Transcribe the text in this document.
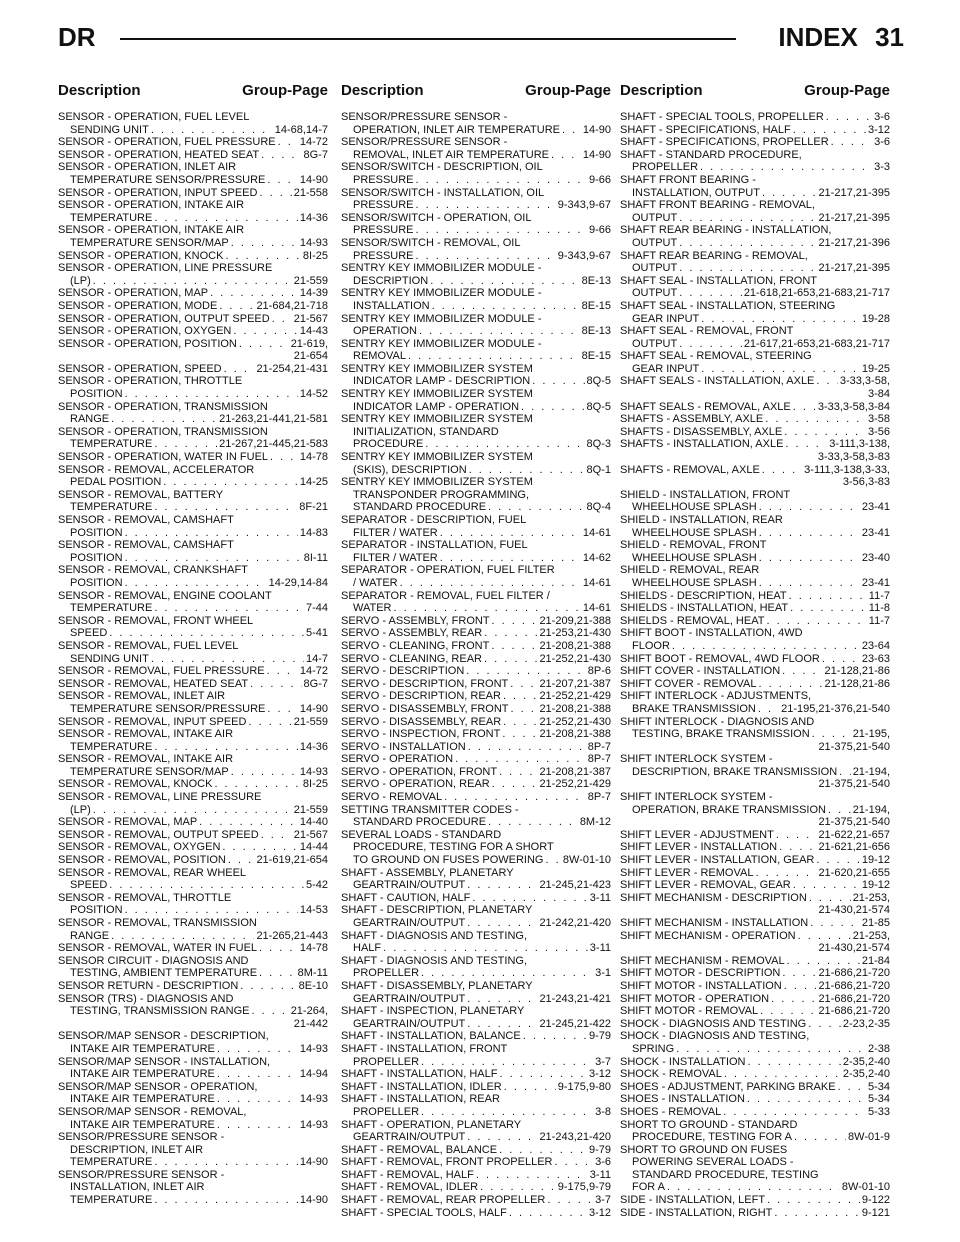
DR	INDEX 31
Description	Group-Page
SENSOR - OPERATION, FUEL LEVEL
SENDING UNIT . . .	14-68,14-7
SENSOR - OPERATION, FUEL PRESSURE . . . 14-72
SENSOR - OPERATION, HEATED SEAT . . .	8G-7
SENSOR - OPERATION, INLET AIR
TEMPERATURE SENSOR/PRESSURE . . .	14-90
SENSOR - OPERATION, INPUT SPEED . . .	21-558
SENSOR - OPERATION, INTAKE AIR
TEMPERATURE . . .	14-36
SENSOR - OPERATION, INTAKE AIR
TEMPERATURE SENSOR/MAP . . .	14-93
SENSOR - OPERATION, KNOCK . . .	8I-25
SENSOR - OPERATION, LINE PRESSURE
(LP) . . .	21-559
SENSOR - OPERATION, MAP . . .	14-39
SENSOR - OPERATION, MODE . . .	21-684,21-718
SENSOR - OPERATION, OUTPUT SPEED . . . 21-567
SENSOR - OPERATION, OXYGEN . . .	14-43
SENSOR - OPERATION, POSITION . . .	21-619,
21-654
SENSOR - OPERATION, SPEED . . .	21-254,21-431
SENSOR - OPERATION, THROTTLE
POSITION . . .	14-52
SENSOR - OPERATION, TRANSMISSION
RANGE . . .	21-263,21-441,21-581
SENSOR - OPERATION, TRANSMISSION
TEMPERATURE . . .	21-267,21-445,21-583
SENSOR - OPERATION, WATER IN FUEL . . .	14-78
SENSOR - REMOVAL, ACCELERATOR
PEDAL POSITION . . .	14-25
SENSOR - REMOVAL, BATTERY
TEMPERATURE . . .	8F-21
SENSOR - REMOVAL, CAMSHAFT
POSITION . . .	14-83
SENSOR - REMOVAL, CAMSHAFT
POSITION . . .	8I-11
SENSOR - REMOVAL, CRANKSHAFT
POSITION . . .	14-29,14-84
SENSOR - REMOVAL, ENGINE COOLANT
TEMPERATURE . . .	7-44
SENSOR - REMOVAL, FRONT WHEEL
SPEED . . .	5-41
SENSOR - REMOVAL, FUEL LEVEL
SENDING UNIT . . .	14-7
SENSOR - REMOVAL, FUEL PRESSURE . . .	14-72
SENSOR - REMOVAL, HEATED SEAT . . .	8G-7
SENSOR - REMOVAL, INLET AIR
TEMPERATURE SENSOR/PRESSURE . . .	14-90
SENSOR - REMOVAL, INPUT SPEED . . .	21-559
SENSOR - REMOVAL, INTAKE AIR
TEMPERATURE . . .	14-36
SENSOR - REMOVAL, INTAKE AIR
TEMPERATURE SENSOR/MAP . . .	14-93
SENSOR - REMOVAL, KNOCK . . .	8I-25
SENSOR - REMOVAL, LINE PRESSURE
(LP) . . .	21-559
SENSOR - REMOVAL, MAP . . .	14-40
SENSOR - REMOVAL, OUTPUT SPEED . . .	21-567
SENSOR - REMOVAL, OXYGEN . . .	14-44
SENSOR - REMOVAL, POSITION . . .	21-619,21-654
SENSOR - REMOVAL, REAR WHEEL
SPEED . . .	5-42
SENSOR - REMOVAL, THROTTLE
POSITION . . .	14-53
SENSOR - REMOVAL, TRANSMISSION
RANGE . . .	21-265,21-443
SENSOR - REMOVAL, WATER IN FUEL . . .	14-78
SENSOR CIRCUIT - DIAGNOSIS AND
TESTING, AMBIENT TEMPERATURE . . .	8M-11
SENSOR RETURN - DESCRIPTION . . .	8E-10
SENSOR (TRS) - DIAGNOSIS AND
TESTING, TRANSMISSION RANGE . . .	21-264,
21-442
SENSOR/MAP SENSOR - DESCRIPTION,
INTAKE AIR TEMPERATURE . . .	14-93
SENSOR/MAP SENSOR - INSTALLATION,
INTAKE AIR TEMPERATURE . . .	14-94
SENSOR/MAP SENSOR - OPERATION,
INTAKE AIR TEMPERATURE . . .	14-93
SENSOR/MAP SENSOR - REMOVAL,
INTAKE AIR TEMPERATURE . . .	14-93
SENSOR/PRESSURE SENSOR -
DESCRIPTION, INLET AIR
TEMPERATURE . . .	14-90
SENSOR/PRESSURE SENSOR -
INSTALLATION, INLET AIR
TEMPERATURE . . .	14-90
Description	Group-Page
SENSOR/PRESSURE SENSOR -
OPERATION, INLET AIR TEMPERATURE . . . 14-90
SENSOR/PRESSURE SENSOR -
REMOVAL, INLET AIR TEMPERATURE . . .	14-90
SENSOR/SWITCH - DESCRIPTION, OIL
PRESSURE . . .	9-66
SENSOR/SWITCH - INSTALLATION, OIL
PRESSURE . . .	9-343,9-67
SENSOR/SWITCH - OPERATION, OIL
PRESSURE . . .	9-66
SENSOR/SWITCH - REMOVAL, OIL
PRESSURE . . .	9-343,9-67
SENTRY KEY IMMOBILIZER MODULE -
DESCRIPTION . . .	8E-13
SENTRY KEY IMMOBILIZER MODULE -
INSTALLATION . . .	8E-15
SENTRY KEY IMMOBILIZER MODULE -
OPERATION . . .	8E-13
SENTRY KEY IMMOBILIZER MODULE -
REMOVAL . . .	8E-15
SENTRY KEY IMMOBILIZER SYSTEM
INDICATOR LAMP - DESCRIPTION . . .	8Q-5
SENTRY KEY IMMOBILIZER SYSTEM
INDICATOR LAMP - OPERATION . . .	8Q-5
SENTRY KEY IMMOBILIZER SYSTEM
INITIALIZATION, STANDARD
PROCEDURE . . .	8Q-3
SENTRY KEY IMMOBILIZER SYSTEM
(SKIS), DESCRIPTION . . .	8Q-1
SENTRY KEY IMMOBILIZER SYSTEM
TRANSPONDER PROGRAMMING,
STANDARD PROCEDURE . . .	8Q-4
SEPARATOR - DESCRIPTION, FUEL
FILTER / WATER . . .	14-61
SEPARATOR - INSTALLATION, FUEL
FILTER / WATER . . .	14-62
SEPARATOR - OPERATION, FUEL FILTER
/ WATER . . .	14-61
SEPARATOR - REMOVAL, FUEL FILTER /
WATER . . .	14-61
SERVO - ASSEMBLY, FRONT . . .	21-209,21-388
SERVO - ASSEMBLY, REAR . . .	21-253,21-430
SERVO - CLEANING, FRONT . . .	21-208,21-388
SERVO - CLEANING, REAR . . .	21-252,21-430
SERVO - DESCRIPTION . . .	8P-6
SERVO - DESCRIPTION, FRONT . . .	21-207,21-387
SERVO - DESCRIPTION, REAR . . .	21-252,21-429
SERVO - DISASSEMBLY, FRONT . . .	21-208,21-388
SERVO - DISASSEMBLY, REAR . . .	21-252,21-430
SERVO - INSPECTION, FRONT . . .	21-208,21-388
SERVO - INSTALLATION . . .	8P-7
SERVO - OPERATION . . .	8P-7
SERVO - OPERATION, FRONT . . .	21-208,21-387
SERVO - OPERATION, REAR . . .	21-252,21-429
SERVO - REMOVAL . . .	8P-7
SETTING TRANSMITTER CODES -
STANDARD PROCEDURE . . .	8M-12
SEVERAL LOADS - STANDARD
PROCEDURE, TESTING FOR A SHORT
TO GROUND ON FUSES POWERING . . . 8W-01-10
SHAFT - ASSEMBLY, PLANETARY
GEARTRAIN/OUTPUT . . .	21-245,21-423
SHAFT - CAUTION, HALF . . .	3-11
SHAFT - DESCRIPTION, PLANETARY
GEARTRAIN/OUTPUT . . .	21-242,21-420
SHAFT - DIAGNOSIS AND TESTING,
HALF . . .	3-11
SHAFT - DIAGNOSIS AND TESTING,
PROPELLER . . .	3-1
SHAFT - DISASSEMBLY, PLANETARY
GEARTRAIN/OUTPUT . . .	21-243,21-421
SHAFT - INSPECTION, PLANETARY
GEARTRAIN/OUTPUT . . .	21-245,21-422
SHAFT - INSTALLATION, BALANCE . . .	9-79
SHAFT - INSTALLATION, FRONT
PROPELLER . . .	3-7
SHAFT - INSTALLATION, HALF . . .	3-12
SHAFT - INSTALLATION, IDLER . . .	9-175,9-80
SHAFT - INSTALLATION, REAR
PROPELLER . . .	3-8
SHAFT - OPERATION, PLANETARY
GEARTRAIN/OUTPUT . . .	21-243,21-420
SHAFT - REMOVAL, BALANCE . . .	9-79
SHAFT - REMOVAL, FRONT PROPELLER . . .	3-6
SHAFT - REMOVAL, HALF . . .	3-11
SHAFT - REMOVAL, IDLER . . .	9-175,9-79
SHAFT - REMOVAL, REAR PROPELLER . . .	3-7
SHAFT - SPECIAL TOOLS, HALF . . .	3-12
Description	Group-Page
SHAFT - SPECIAL TOOLS, PROPELLER . . .	3-6
SHAFT - SPECIFICATIONS, HALF . . .	3-12
SHAFT - SPECIFICATIONS, PROPELLER . . .	3-6
SHAFT - STANDARD PROCEDURE,
PROPELLER . . .	3-3
SHAFT FRONT BEARING -
INSTALLATION, OUTPUT . . .	21-217,21-395
SHAFT FRONT BEARING - REMOVAL,
OUTPUT . . .	21-217,21-395
SHAFT REAR BEARING - INSTALLATION,
OUTPUT . . .	21-217,21-396
SHAFT REAR BEARING - REMOVAL,
OUTPUT . . .	21-217,21-395
SHAFT SEAL - INSTALLATION, FRONT
OUTPUT . . .	21-618,21-653,21-683,21-717
SHAFT SEAL - INSTALLATION, STEERING
GEAR INPUT . . .	19-28
SHAFT SEAL - REMOVAL, FRONT
OUTPUT . . .	21-617,21-653,21-683,21-717
SHAFT SEAL - REMOVAL, STEERING
GEAR INPUT . . .	19-25
SHAFT SEALS - INSTALLATION, AXLE . . . 3-33,3-58,
3-84
SHAFT SEALS - REMOVAL, AXLE . . . 3-33,3-58,3-84
SHAFTS - ASSEMBLY, AXLE . . .	3-58
SHAFTS - DISASSEMBLY, AXLE . . .	3-56
SHAFTS - INSTALLATION, AXLE . . .	3-111,3-138,
3-33,3-58,3-83
SHAFTS - REMOVAL, AXLE . . .	3-111,3-138,3-33,
3-56,3-83
SHIELD - INSTALLATION, FRONT
WHEELHOUSE SPLASH . . .	23-41
SHIELD - INSTALLATION, REAR
WHEELHOUSE SPLASH . . .	23-41
SHIELD - REMOVAL, FRONT
WHEELHOUSE SPLASH . . .	23-40
SHIELD - REMOVAL, REAR
WHEELHOUSE SPLASH . . .	23-41
SHIELDS - DESCRIPTION, HEAT . . .	11-7
SHIELDS - INSTALLATION, HEAT . . .	11-8
SHIELDS - REMOVAL, HEAT . . .	11-7
SHIFT BOOT - INSTALLATION, 4WD
FLOOR . . .	23-64
SHIFT BOOT - REMOVAL, 4WD FLOOR . . .	23-63
SHIFT COVER - INSTALLATION . . .	21-128,21-86
SHIFT COVER - REMOVAL . . .	21-128,21-86
SHIFT INTERLOCK - ADJUSTMENTS,
BRAKE TRANSMISSION . . . 21-195,21-376,21-540
SHIFT INTERLOCK - DIAGNOSIS AND
TESTING, BRAKE TRANSMISSION . . .	21-195,
21-375,21-540
SHIFT INTERLOCK SYSTEM -
DESCRIPTION, BRAKE TRANSMISSION . . . 21-194,
21-375,21-540
SHIFT INTERLOCK SYSTEM -
OPERATION, BRAKE TRANSMISSION . . . 21-194,
21-375,21-540
SHIFT LEVER - ADJUSTMENT . . .	21-622,21-657
SHIFT LEVER - INSTALLATION . . .	21-621,21-656
SHIFT LEVER - INSTALLATION, GEAR . . .	19-12
SHIFT LEVER - REMOVAL . . .	21-620,21-655
SHIFT LEVER - REMOVAL, GEAR . . .	19-12
SHIFT MECHANISM - DESCRIPTION . . .	21-253,
21-430,21-574
SHIFT MECHANISM - INSTALLATION . . .	21-85
SHIFT MECHANISM - OPERATION . . .	21-253,
21-430,21-574
SHIFT MECHANISM - REMOVAL . . .	21-84
SHIFT MOTOR - DESCRIPTION . . .	21-686,21-720
SHIFT MOTOR - INSTALLATION . . .	21-686,21-720
SHIFT MOTOR - OPERATION . . .	21-686,21-720
SHIFT MOTOR - REMOVAL . . .	21-686,21-720
SHOCK - DIAGNOSIS AND TESTING . . .	2-23,2-35
SHOCK - DIAGNOSIS AND TESTING,
SPRING . . .	2-38
SHOCK - INSTALLATION . . .	2-35,2-40
SHOCK - REMOVAL . . .	2-35,2-40
SHOES - ADJUSTMENT, PARKING BRAKE . . .	5-34
SHOES - INSTALLATION . . .	5-34
SHOES - REMOVAL . . .	5-33
SHORT TO GROUND - STANDARD
PROCEDURE, TESTING FOR A . . .	8W-01-9
SHORT TO GROUND ON FUSES
POWERING SEVERAL LOADS -
STANDARD PROCEDURE, TESTING
FOR A . . .	8W-01-10
SIDE - INSTALLATION, LEFT . . .	9-122
SIDE - INSTALLATION, RIGHT . . .	9-121
